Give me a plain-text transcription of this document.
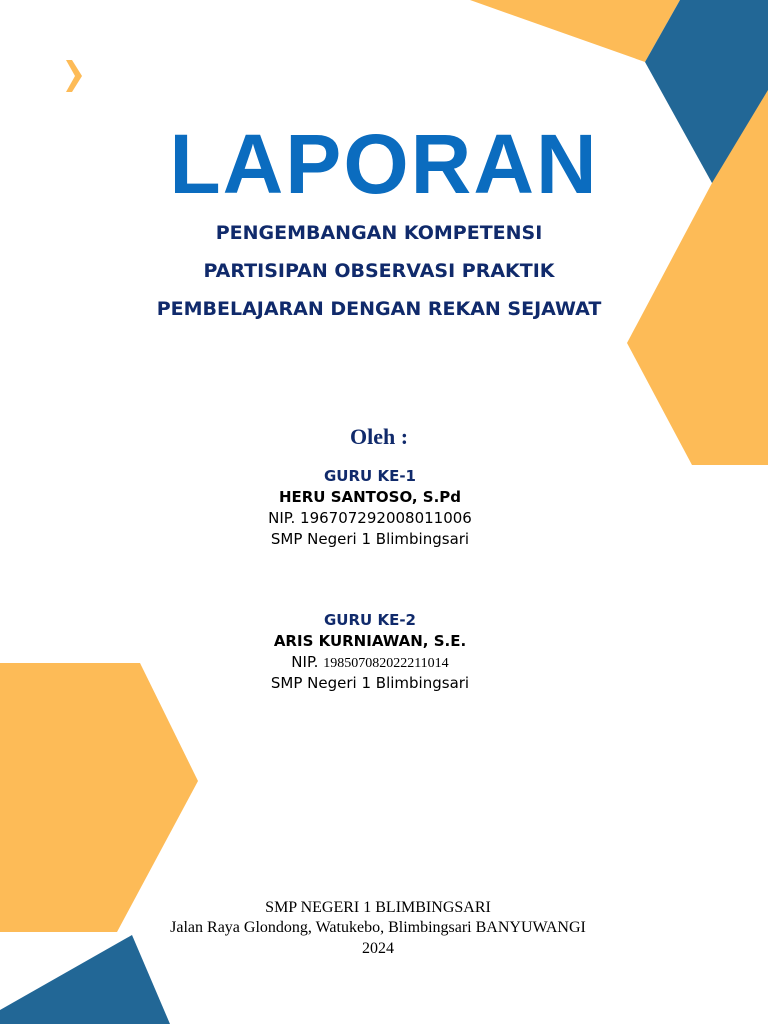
LAPORAN
PENGEMBANGAN KOMPETENSI
PARTISIPAN OBSERVASI PRAKTIK
PEMBELAJARAN DENGAN REKAN SEJAWAT
Oleh :
GURU KE-1
HERU SANTOSO, S.Pd
NIP. 196707292008011006
SMP Negeri 1 Blimbingsari
GURU KE-2
ARIS KURNIAWAN, S.E.
NIP. 198507082022211014
SMP Negeri 1 Blimbingsari
SMP NEGERI 1 BLIMBINGSARI
Jalan Raya Glondong, Watukebo, Blimbingsari BANYUWANGI
2024
